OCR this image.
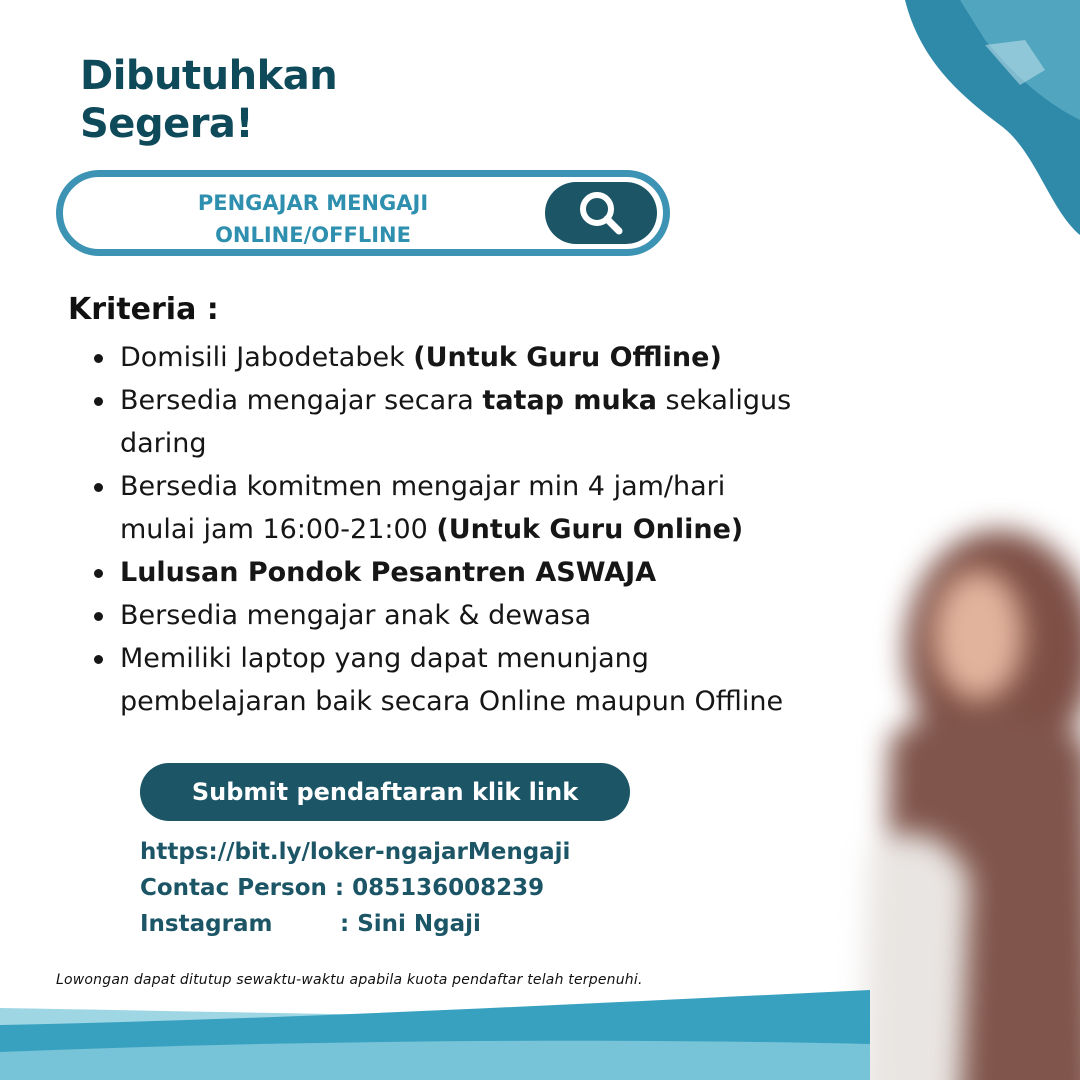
Dibutuhkan
Segera!
PENGAJAR MENGAJI
ONLINE/OFFLINE
Kriteria :
Domisili Jabodetabek (Untuk Guru Offline)
Bersedia mengajar secara tatap muka sekaligus
daring
Bersedia komitmen mengajar min 4 jam/hari
mulai jam 16:00-21:00 (Untuk Guru Online)
Lulusan Pondok Pesantren ASWAJA
Bersedia mengajar anak & dewasa
Memiliki laptop yang dapat menunjang
pembelajaran baik secara Online maupun Offline
Submit pendaftaran klik link
https://bit.ly/loker-ngajarMengaji
Contac Person : 085136008239
Instagram	: Sini Ngaji
Lowongan dapat ditutup sewaktu-waktu apabila kuota pendaftar telah terpenuhi.
